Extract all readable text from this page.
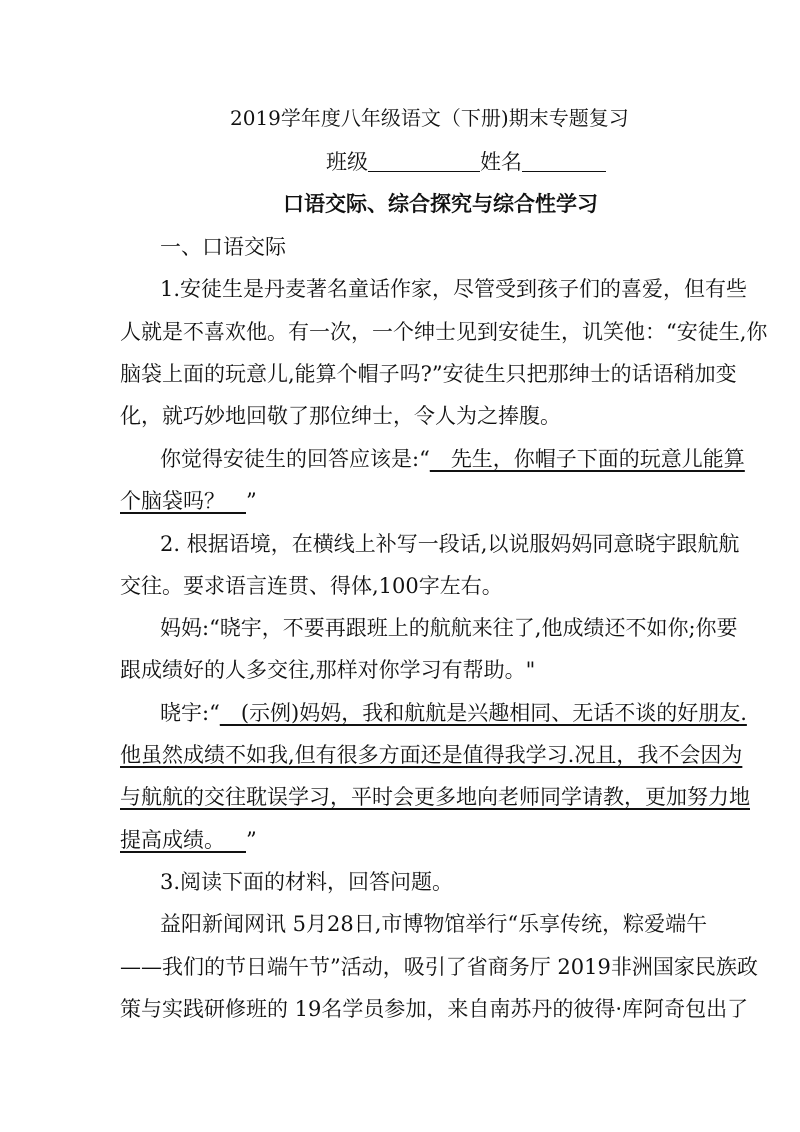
2019学年度八年级语文（下册)期末专题复习
班级	姓名
口语交际、综合探究与综合性学习
一、口语交际
1.安徒生是丹麦著名童话作家，尽管受到孩子们的喜爱，但有些
人就是不喜欢他。有一次，一个绅士见到安徒生，讥笑他：“安徒生,你
脑袋上面的玩意儿,能算个帽子吗?”安徒生只把那绅士的话语稍加变
化，就巧妙地回敬了那位绅士，令人为之捧腹。
你觉得安徒生的回答应该是:“__先生，你帽子下面的玩意儿能算
个脑袋吗？__”
2. 根据语境，在横线上补写一段话,以说服妈妈同意晓宇跟航航
交往。要求语言连贯、得体,100字左右。
妈妈:“晓宇，不要再跟班上的航航来往了,他成绩还不如你;你要
跟成绩好的人多交往,那样对你学习有帮助。"
晓宇:“__(示例)妈妈，我和航航是兴趣相同、无话不谈的好朋友.
他虽然成绩不如我,但有很多方面还是值得我学习.况且，我不会因为
与航航的交往耽误学习，平时会更多地向老师同学请教，更加努力地
提高成绩。__”
3.阅读下面的材料，回答问题。
益阳新闻网讯 5月28日,市博物馆举行“乐享传统，粽爱端午
——我们的节日端午节”活动，吸引了省商务厅 2019非洲国家民族政
策与实践研修班的 19名学员参加，来自南苏丹的彼得·库阿奇包出了
